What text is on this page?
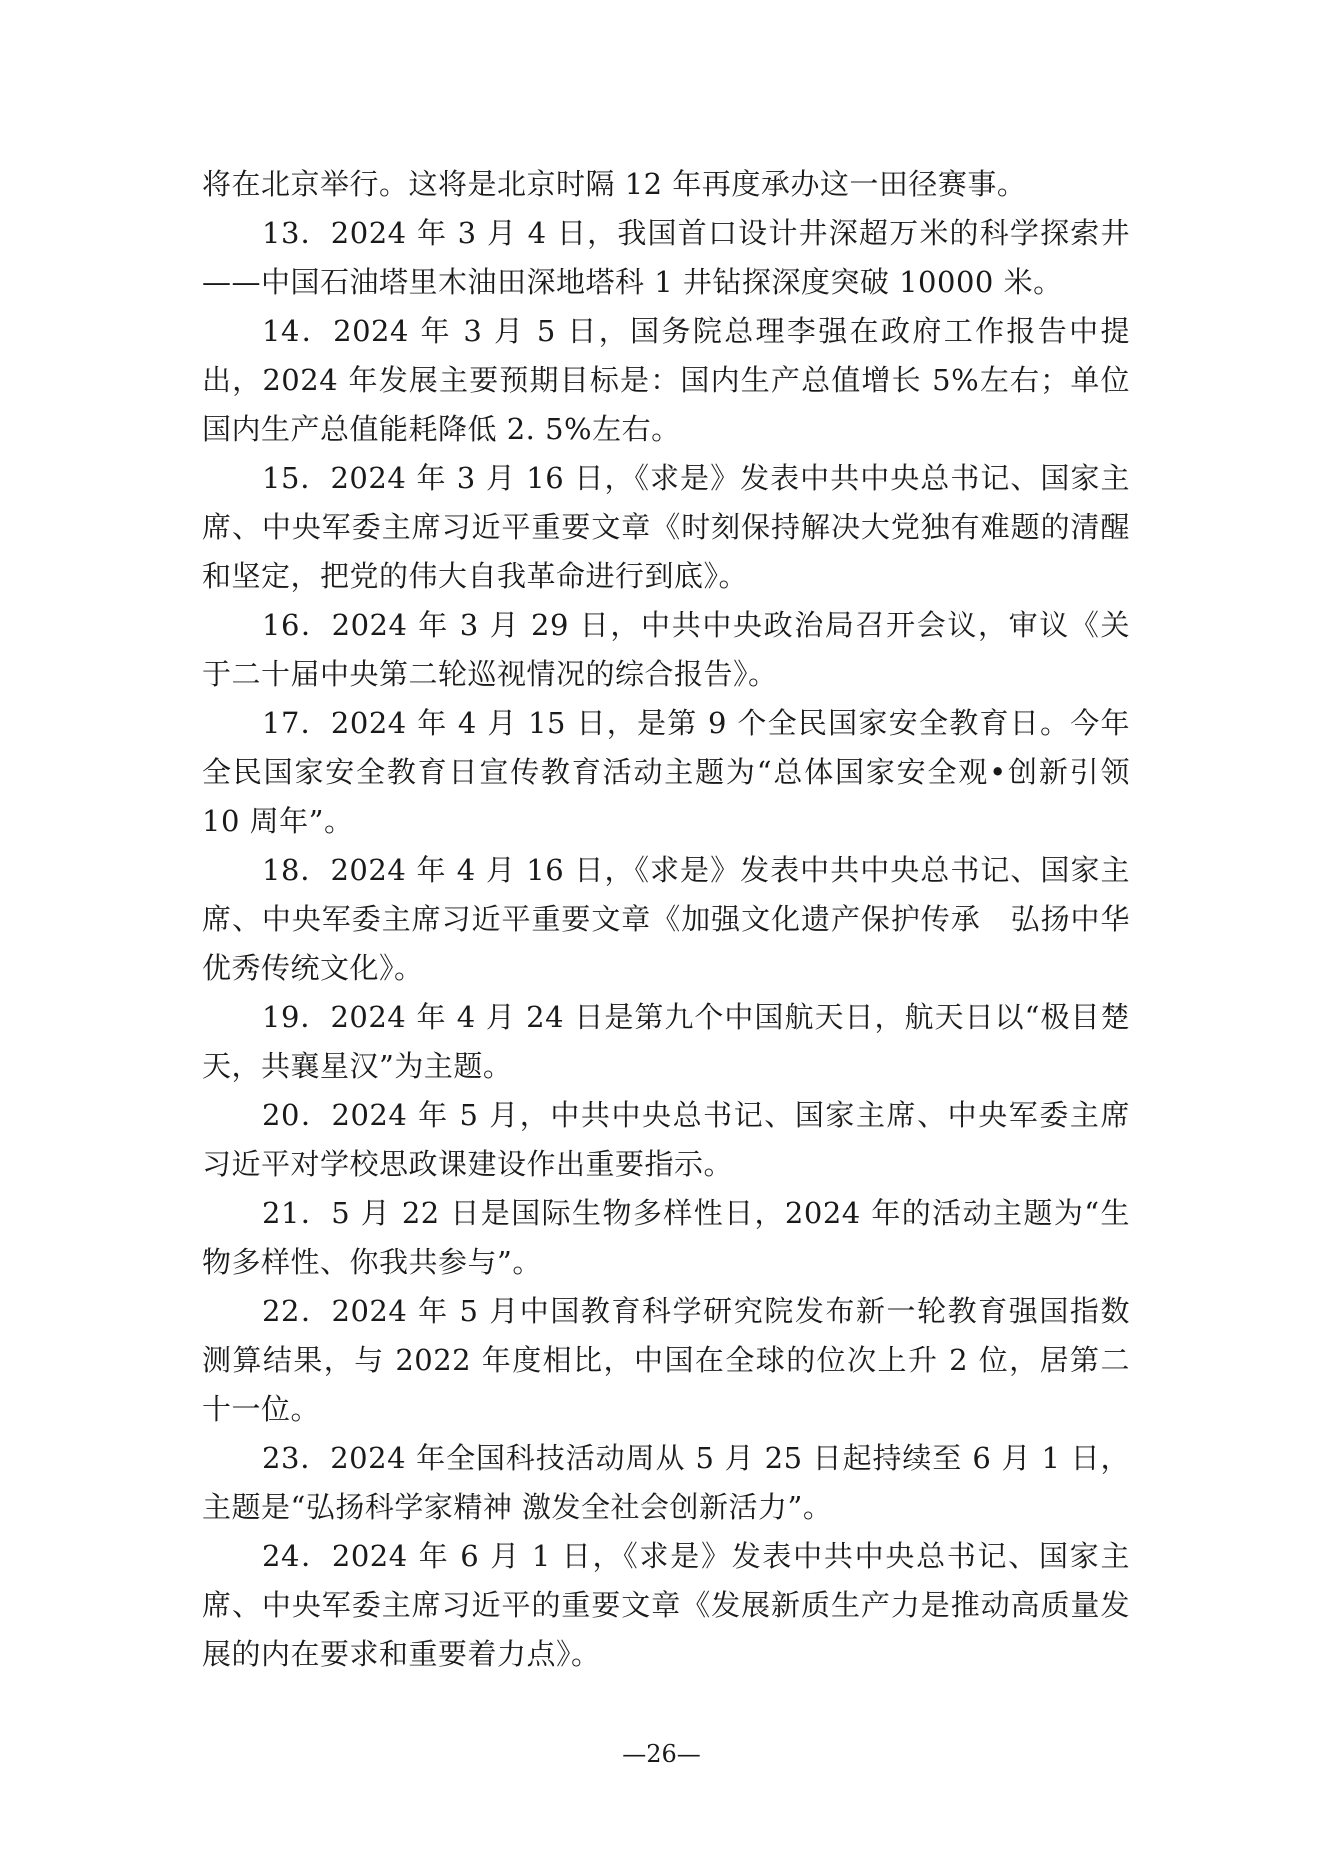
将在北京举行。这将是北京时隔 12 年再度承办这一田径赛事。

13．2024 年 3 月 4 日，我国首口设计井深超万米的科学探索井——中国石油塔里木油田深地塔科 1 井钻探深度突破 10000 米。

14．2024 年 3 月 5 日，国务院总理李强在政府工作报告中提出，2024 年发展主要预期目标是：国内生产总值增长 5%左右；单位国内生产总值能耗降低 2. 5%左右。

15．2024 年 3 月 16 日，《求是》发表中共中央总书记、国家主席、中央军委主席习近平重要文章《时刻保持解决大党独有难题的清醒和坚定，把党的伟大自我革命进行到底》。

16．2024 年 3 月 29 日，中共中央政治局召开会议，审议《关于二十届中央第二轮巡视情况的综合报告》。

17．2024 年 4 月 15 日，是第 9 个全民国家安全教育日。今年全民国家安全教育日宣传教育活动主题为“总体国家安全观•创新引领 10 周年”。

18．2024 年 4 月 16 日，《求是》发表中共中央总书记、国家主席、中央军委主席习近平重要文章《加强文化遗产保护传承　弘扬中华优秀传统文化》。

19．2024 年 4 月 24 日是第九个中国航天日，航天日以“极目楚天，共襄星汉”为主题。

20．2024 年 5 月，中共中央总书记、国家主席、中央军委主席习近平对学校思政课建设作出重要指示。

21．5 月 22 日是国际生物多样性日，2024 年的活动主题为“生物多样性、你我共参与”。

22．2024 年 5 月中国教育科学研究院发布新一轮教育强国指数测算结果，与 2022 年度相比，中国在全球的位次上升 2 位，居第二十一位。

23．2024 年全国科技活动周从 5 月 25 日起持续至 6 月 1 日，主题是“弘扬科学家精神 激发全社会创新活力”。

24．2024 年 6 月 1 日，《求是》发表中共中央总书记、国家主席、中央军委主席习近平的重要文章《发展新质生产力是推动高质量发展的内在要求和重要着力点》。

—26—
